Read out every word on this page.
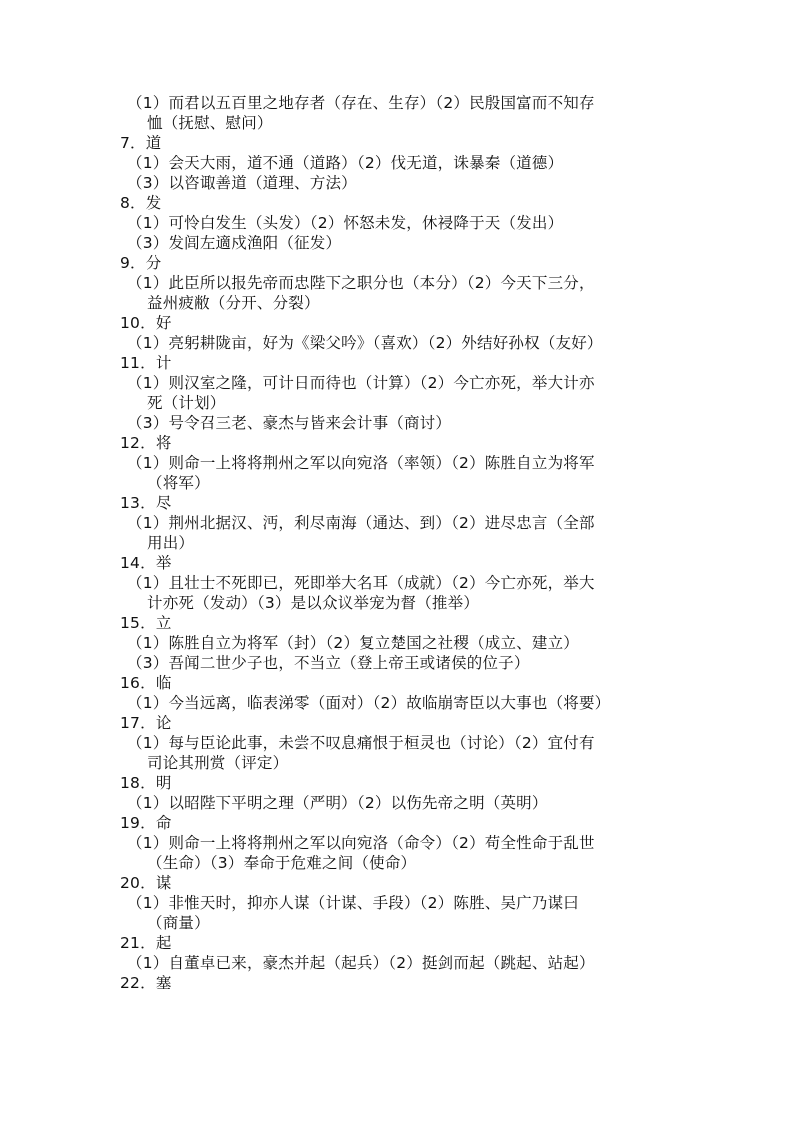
（1）而君以五百里之地存者（存在、生存）（2）民殷国富而不知存
恤（抚慰、慰问）
7．道
（1）会天大雨，道不通（道路）（2）伐无道，诛暴秦（道德）
（3）以咨诹善道（道理、方法）
8．发
（1）可怜白发生（头发）（2）怀怒未发，休祲降于天（发出）
（3）发闾左適戍渔阳（征发）
9．分
（1）此臣所以报先帝而忠陛下之职分也（本分）（2）今天下三分，
益州疲敝（分开、分裂）
10．好
（1）亮躬耕陇亩，好为《梁父吟》（喜欢）（2）外结好孙权（友好）
11．计
（1）则汉室之隆，可计日而待也（计算）（2）今亡亦死，举大计亦
死（计划）
（3）号令召三老、豪杰与皆来会计事（商讨）
12．将
（1）则命一上将将荆州之军以向宛洛（率领）（2）陈胜自立为将军
（将军）
13．尽
（1）荆州北据汉、沔，利尽南海（通达、到）（2）进尽忠言（全部
用出）
14．举
（1）且壮士不死即已，死即举大名耳（成就）（2）今亡亦死，举大
计亦死（发动）（3）是以众议举宠为督（推举）
15．立
（1）陈胜自立为将军（封）（2）复立楚国之社稷（成立、建立）
（3）吾闻二世少子也，不当立（登上帝王或诸侯的位子）
16．临
（1）今当远离，临表涕零（面对）（2）故临崩寄臣以大事也（将要）
17．论
（1）每与臣论此事，未尝不叹息痛恨于桓灵也（讨论）（2）宜付有
司论其刑赏（评定）
18．明
（1）以昭陛下平明之理（严明）（2）以伤先帝之明（英明）
19．命
（1）则命一上将将荆州之军以向宛洛（命令）（2）苟全性命于乱世
（生命）（3）奉命于危难之间（使命）
20．谋
（1）非惟天时，抑亦人谋（计谋、手段）（2）陈胜、吴广乃谋曰
（商量）
21．起
（1）自董卓已来，豪杰并起（起兵）（2）挺剑而起（跳起、站起）
22．塞
